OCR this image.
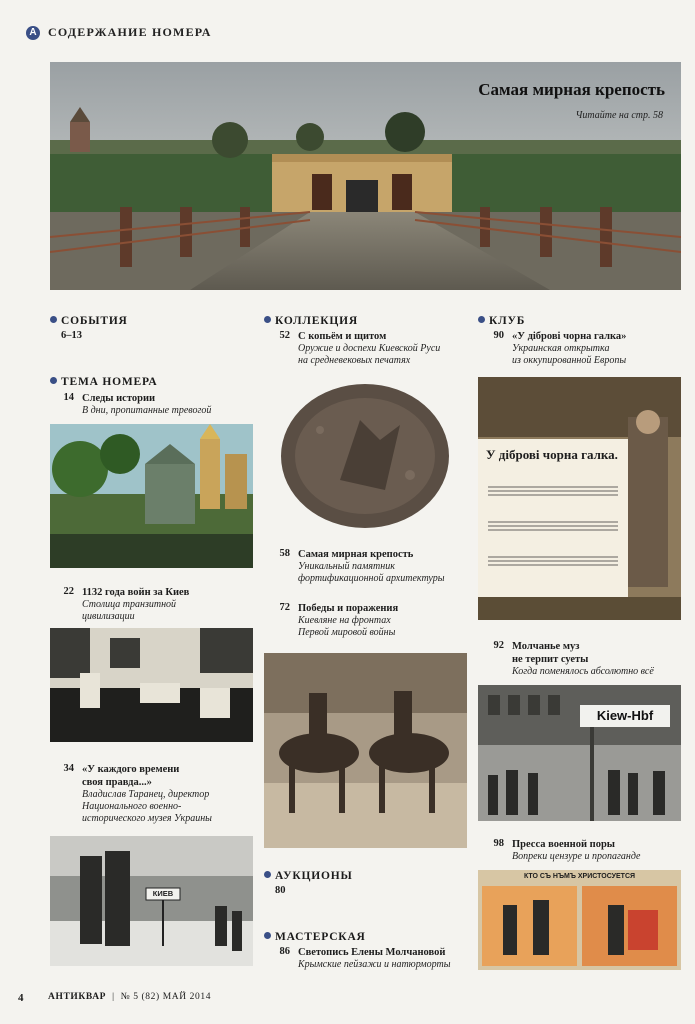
A СОДЕРЖАНИЕ НОМЕРА
Самая мирная крепость
Читайте на стр. 58
СОБЫТИЯ
6–13
ТЕМА НОМЕРА
14 Следы истории
В дни, пропитанные тревогой
22 1132 года войн за Киев
Столица транзитной
цивилизации
34 «У каждого времени
своя правда...»
Владислав Таранец, директор
Национального военно-
исторического музея Украины
КИЕВ
КОЛЛЕКЦИЯ
52 С копьём и щитом
Оружие и доспехи Киевской Руси
на средневековых печатях
58 Самая мирная крепость
Уникальный памятник
фортификационной архитектуры
72 Победы и поражения
Киевляне на фронтах
Первой мировой войны
АУКЦИОНЫ
80
МАСТЕРСКАЯ
86 Светопись Елены Молчановой
Крымские пейзажи и натюрморты
КЛУБ
90 «У діброві чорна галка»
Украинская открытка
из оккупированной Европы
У діброві чорна галка.
92 Молчанье муз
не терпит суеты
Когда поменялось абсолютно всё
Kiew-Hbf
98 Пресса военной поры
Вопреки цензуре и пропаганде
КТО СЪ НЪМЪ ХРИСТОСУЕТСЯ
4	АНТИКВАР | № 5 (82) МАЙ 2014
